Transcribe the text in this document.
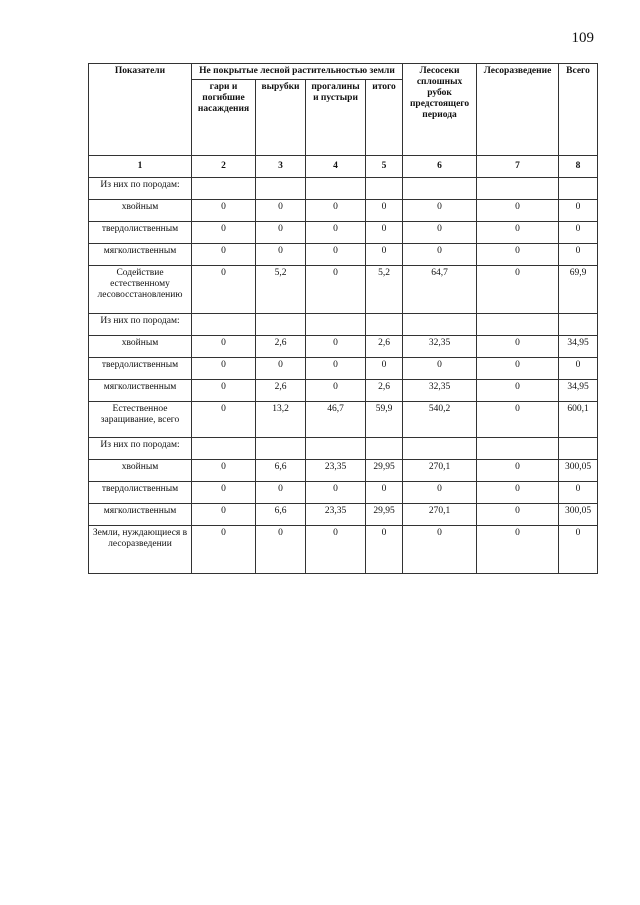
109
Показатели	Не покрытые лесной растительностью земли				Лесосеки сплошных рубок предстоящего периода	Лесоразведение	Всего
	гари и погибшие насаждения	вырубки	прогалины и пустыри	итого			
1	2	3	4	5	6	7	8
Из них по породам:							
хвойным	0	0	0	0	0	0	0
твердолиственным	0	0	0	0	0	0	0
мягколиственным	0	0	0	0	0	0	0
Содействие естественному лесовосстановлению	0	5,2	0	5,2	64,7	0	69,9
Из них по породам:							
хвойным	0	2,6	0	2,6	32,35	0	34,95
твердолиственным	0	0	0	0	0	0	0
мягколиственным	0	2,6	0	2,6	32,35	0	34,95
Естественное заращивание, всего	0	13,2	46,7	59,9	540,2	0	600,1
Из них по породам:							
хвойным	0	6,6	23,35	29,95	270,1	0	300,05
твердолиственным	0	0	0	0	0	0	0
мягколиственным	0	6,6	23,35	29,95	270,1	0	300,05
Земли, нуждающиеся в лесоразведении	0	0	0	0	0	0	0
